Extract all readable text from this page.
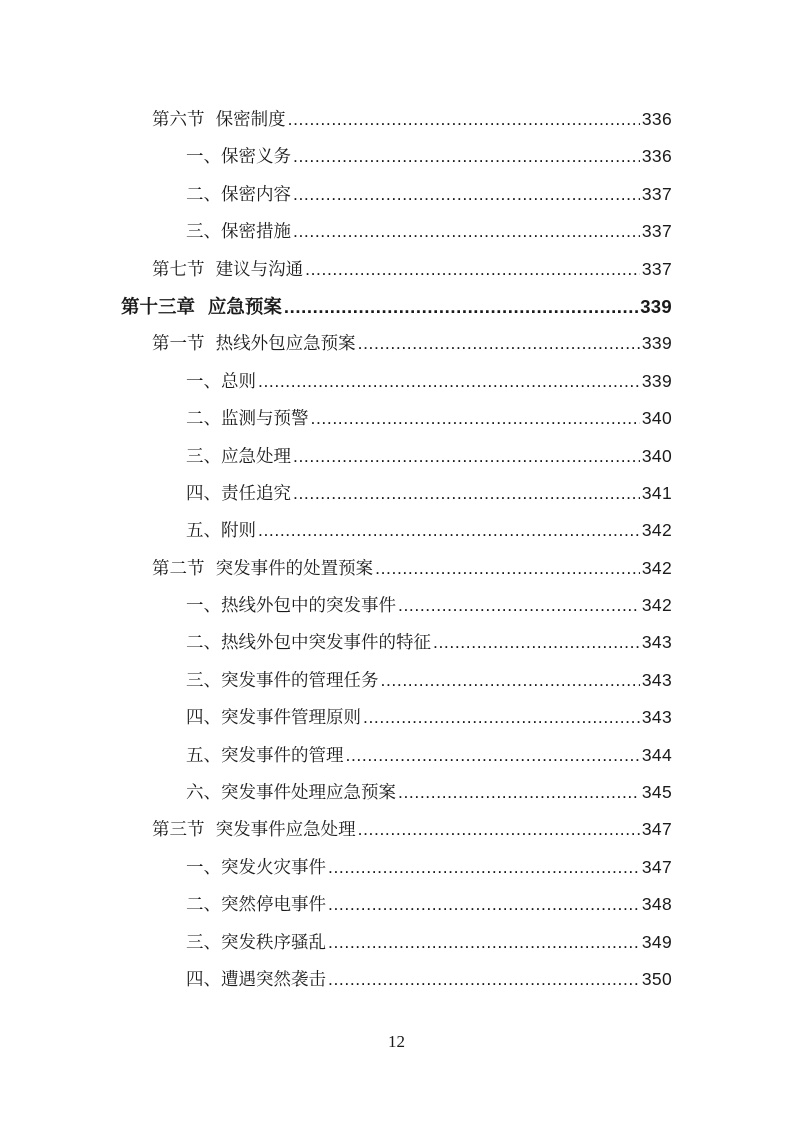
第六节  保密制度 .....	336
一、保密义务 .....	336
二、保密内容 .....	337
三、保密措施 .....	337
第七节  建议与沟通 .....	337
第十三章  应急预案 .....	339
第一节  热线外包应急预案 .....	339
一、总则 .....	339
二、监测与预警 .....	340
三、应急处理 .....	340
四、责任追究 .....	341
五、附则 .....	342
第二节  突发事件的处置预案 .....	342
一、热线外包中的突发事件 .....	342
二、热线外包中突发事件的特征 .....	343
三、突发事件的管理任务 .....	343
四、突发事件管理原则 .....	343
五、突发事件的管理 .....	344
六、突发事件处理应急预案 .....	345
第三节  突发事件应急处理 .....	347
一、突发火灾事件 .....	347
二、突然停电事件 .....	348
三、突发秩序骚乱 .....	349
四、遭遇突然袭击 .....	350
12
